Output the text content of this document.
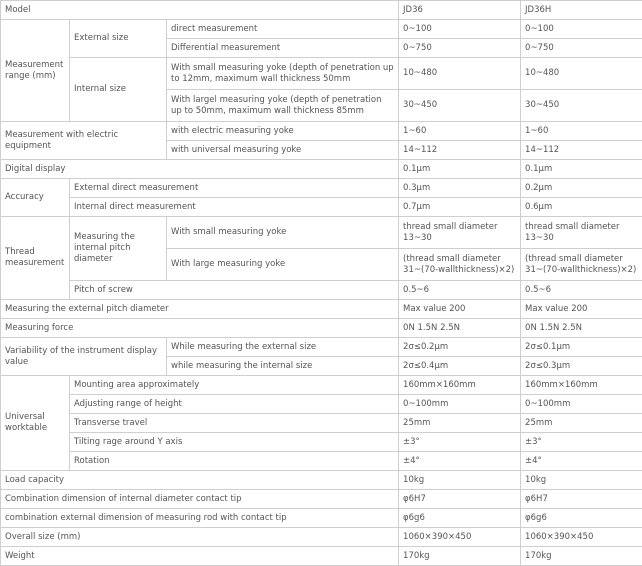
Model			JD36	JD36H
Measurement range (mm)	External size	direct measurement	0~100	0~100
		Differential measurement	0~750	0~750
	Internal size	With small measuring yoke (depth of penetration up to 12mm, maximum wall thickness 50mm	10~480	10~480
		With largel measuring yoke (depth of penetration up to 50mm, maximum wall thickness 85mm	30~450	30~450
Measurement with electric equipment		with electric measuring yoke	1~60	1~60
		with universal measuring yoke	14~112	14~112
Digital display			0.1μm	0.1μm
Accuracy	External direct measurement		0.3μm	0.2μm
	Internal direct measurement		0.7μm	0.6μm
Thread measurement	Measuring the internal pitch diameter	With small measuring yoke	thread small diameter 13~30	thread small diameter 13~30
		With large measuring yoke	(thread small diameter 31~(70-wallthickness)×2)	(thread small diameter 31~(70-wallthickness)×2)
	Pitch of screw		0.5~6	0.5~6
Measuring the external pitch diameter			Max value 200	Max value 200
Measuring force			0N 1.5N 2.5N	0N 1.5N 2.5N
Variability of the instrument display value		While measuring the external size	2σ≤0.2μm	2σ≤0.1μm
		while measuring the internal size	2σ≤0.4μm	2σ≤0.3μm
Universal worktable	Mounting area approximately		160mm×160mm	160mm×160mm
	Adjusting range of height		0~100mm	0~100mm
	Transverse travel		25mm	25mm
	Tilting rage around Y axis		±3°	±3°
	Rotation		±4°	±4°
Load capacity			10kg	10kg
Combination dimension of internal diameter contact tip			φ6H7	φ6H7
combination external dimension of measuring rod with contact tip			φ6g6	φ6g6
Overall size (mm)			1060×390×450	1060×390×450
Weight			170kg	170kg
